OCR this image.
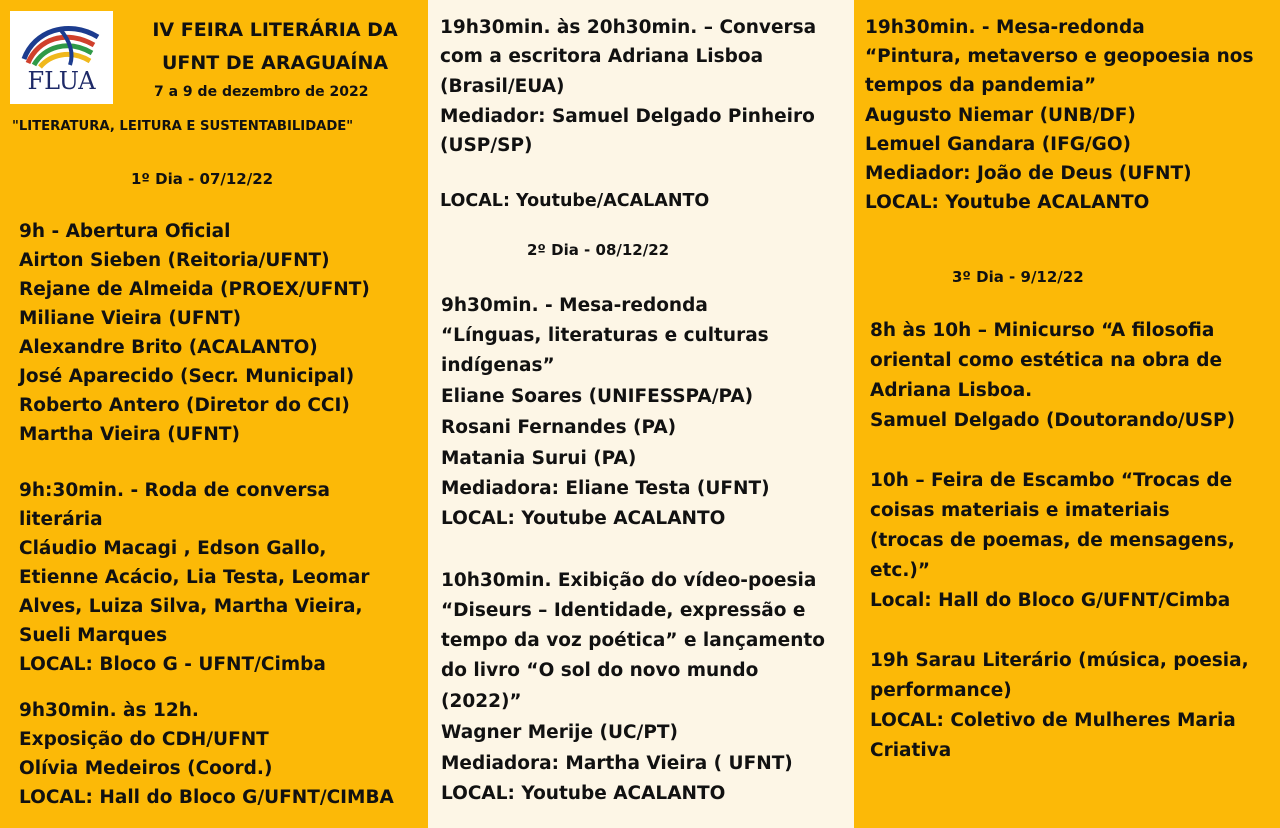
FLUA
IV FEIRA LITERÁRIA DA
UFNT DE ARAGUAÍNA
7 a 9 de dezembro de 2022
"LITERATURA, LEITURA E SUSTENTABILIDADE"
1º Dia - 07/12/22
9h - Abertura Oficial
Airton Sieben (Reitoria/UFNT)
Rejane de Almeida (PROEX/UFNT)
Miliane Vieira (UFNT)
Alexandre Brito (ACALANTO)
José Aparecido (Secr. Municipal)
Roberto Antero (Diretor do CCI)
Martha Vieira (UFNT)
9h:30min. - Roda de conversa
literária
Cláudio Macagi , Edson Gallo,
Etienne Acácio, Lia Testa, Leomar
Alves, Luiza Silva, Martha Vieira,
Sueli Marques
LOCAL: Bloco G - UFNT/Cimba
9h30min. às 12h.
Exposição do CDH/UFNT
Olívia Medeiros (Coord.)
LOCAL: Hall do Bloco G/UFNT/CIMBA
19h30min. às 20h30min. – Conversa
com a escritora Adriana Lisboa
(Brasil/EUA)
Mediador: Samuel Delgado Pinheiro
(USP/SP)
LOCAL: Youtube/ACALANTO
2º Dia - 08/12/22
9h30min. - Mesa-redonda
“Línguas, literaturas e culturas
indígenas”
Eliane Soares (UNIFESSPA/PA)
Rosani Fernandes (PA)
Matania Surui (PA)
Mediadora: Eliane Testa (UFNT)
LOCAL: Youtube ACALANTO
10h30min. Exibição do vídeo-poesia
“Diseurs – Identidade, expressão e
tempo da voz poética” e lançamento
do livro “O sol do novo mundo
(2022)”
Wagner Merije (UC/PT)
Mediadora: Martha Vieira ( UFNT)
LOCAL: Youtube ACALANTO
19h30min. - Mesa-redonda
“Pintura, metaverso e geopoesia nos
tempos da pandemia”
Augusto Niemar (UNB/DF)
Lemuel Gandara (IFG/GO)
Mediador: João de Deus (UFNT)
LOCAL: Youtube ACALANTO
3º Dia - 9/12/22
8h às 10h – Minicurso “A filosofia
oriental como estética na obra de
Adriana Lisboa.
Samuel Delgado (Doutorando/USP)
10h – Feira de Escambo “Trocas de
coisas materiais e imateriais
(trocas de poemas, de mensagens,
etc.)”
Local: Hall do Bloco G/UFNT/Cimba
19h Sarau Literário (música, poesia,
performance)
LOCAL: Coletivo de Mulheres Maria
Criativa
